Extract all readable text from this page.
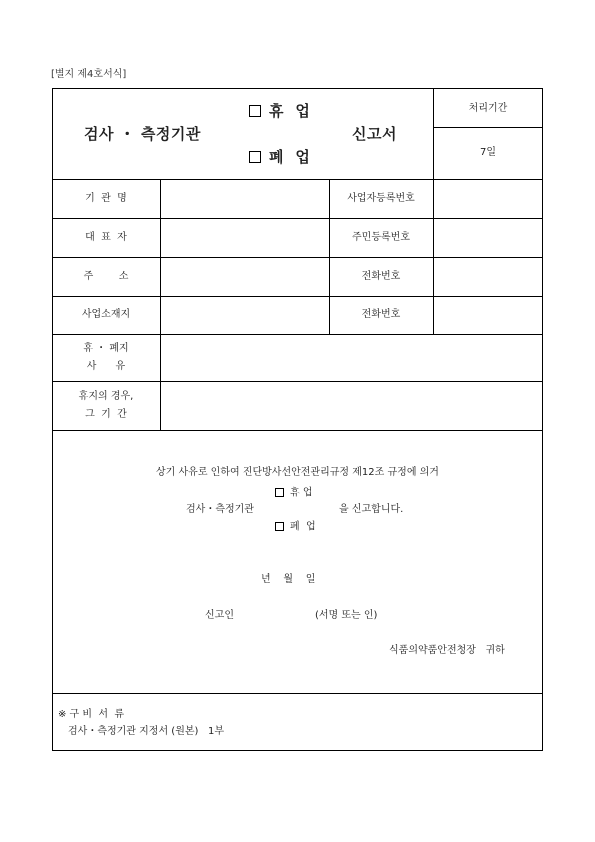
[별지 제4호서식]
휴  업
검사 ・ 측정기관	신고서
폐  업
처리기간
7일
기  관  명	사업자등록번호
대  표  자	주민등록번호
주        소	전화번호
사업소재지	전화번호
휴 ・ 폐지
사      유
휴지의 경우,
그  기  간
상기 사유로 인하여 진단방사선안전관리규정 제12조 규정에 의거
휴 업
검사・측정기관	을 신고합니다.
폐  업
년    월    일
신고인	(서명 또는 인)
식품의약품안전청장   귀하
※ 구 비  서  류
검사・측정기관 지정서 (원본)   1부
